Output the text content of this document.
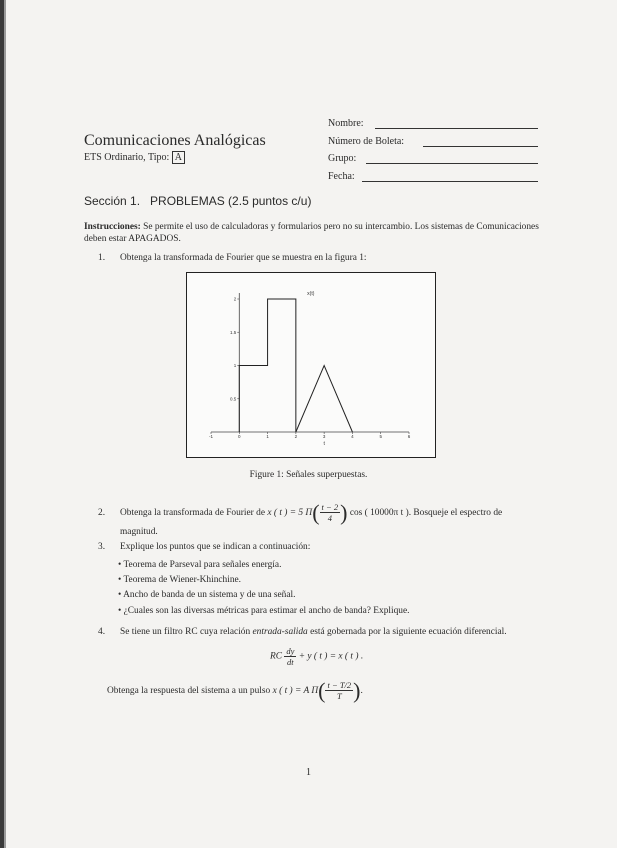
Comunicaciones Analógicas
ETS Ordinario, Tipo: A
Nombre:
Número de Boleta:
Grupo:
Fecha:
Sección 1.   PROBLEMAS (2.5 puntos c/u)
Instrucciones: Se permite el uso de calculadoras y formularios pero no su intercambio. Los sistemas de Comunicaciones deben estar APAGADOS.
1. Obtenga la transformada de Fourier que se muestra en la figura 1:
-1	0	1	2	3	4	5	6
0.5
1
1.5
2
x(t)
t
Figure 1: Señales superpuestas.
2. Obtenga la transformada de Fourier de x ( t ) = 5 $\Pi( \frac{t - 2}{4}$ ) cos ( 10000π t ). Bosqueje el espectro de
magnitud.
3. Explique los puntos que se indican a continuación:
• Teorema de Parseval para señales energía.
• Teorema de Wiener-Khinchine.
• Ancho de banda de un sistema y de una señal.
• ¿Cuales son las diversas métricas para estimar el ancho de banda? Explique.
4. Se tiene un filtro RC cuya relación entrada-salida está gobernada por la siguiente ecuación diferencial.
RC $\frac{dy}{dt} + y$ ( t ) = x ( t ) .
Obtenga la respuesta del sistema a un pulso x ( t ) = A $\Pi( \frac{t - T/2}{T}$ ).
1
